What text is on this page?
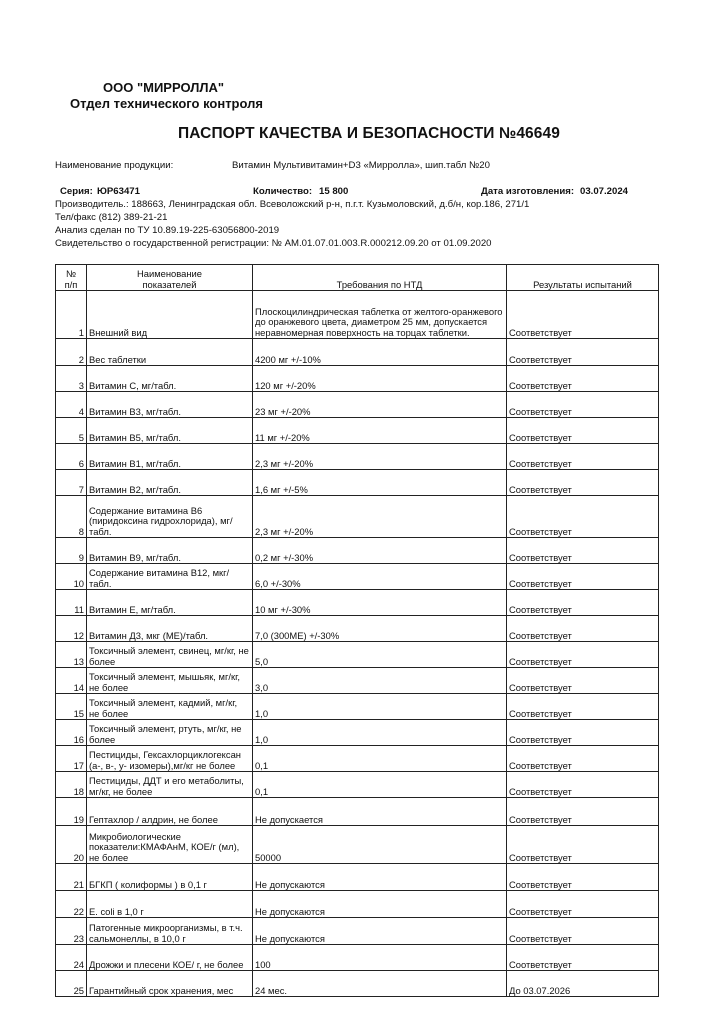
ООО "МИРРОЛЛА"
Отдел технического контроля
ПАСПОРТ КАЧЕСТВА И БЕЗОПАСНОСТИ №46649
Наименование продукции:	Витамин Мультивитамин+D3 «Мирролла», шип.табл №20
Серия: ЮР63471	Количество: 15 800	Дата изготовления: 03.07.2024
Производитель.: 188663, Ленинградская обл. Всеволожский р-н, п.г.т. Кузьмоловский, д.б/н, кор.186, 271/1
Тел/факс (812) 389-21-21
Анализ сделан по ТУ 10.89.19-225-63056800-2019
Свидетельство о государственной регистрации: № AM.01.07.01.003.R.000212.09.20 от 01.09.2020
№ п/п	Наименование показателей	Требования по НТД	Результаты испытаний
1	Внешний вид	Плоскоцилиндрическая таблетка от желтого-оранжевого до оранжевого цвета, диаметром 25 мм, допускается неравномерная поверхность на торцах таблетки.	Соответствует
2	Вес таблетки	4200 мг +/-10%	Соответствует
3	Витамин С, мг/табл.	120 мг +/-20%	Соответствует
4	Витамин В3, мг/табл.	23 мг +/-20%	Соответствует
5	Витамин В5, мг/табл.	11 мг +/-20%	Соответствует
6	Витамин В1, мг/табл.	2,3 мг +/-20%	Соответствует
7	Витамин В2, мг/табл.	1,6 мг +/-5%	Соответствует
8	Содержание витамина В6 (пиридоксина гидрохлорида), мг/табл.	2,3 мг +/-20%	Соответствует
9	Витамин В9, мг/табл.	0,2 мг +/-30%	Соответствует
10	Содержание витамина В12, мкг/табл.	6,0 +/-30%	Соответствует
11	Витамин Е, мг/табл.	10 мг +/-30%	Соответствует
12	Витамин Д3, мкг (МЕ)/табл.	7,0 (300МЕ) +/-30%	Соответствует
13	Токсичный элемент, свинец, мг/кг, не более	5,0	Соответствует
14	Токсичный элемент, мышьяк, мг/кг, не более	3,0	Соответствует
15	Токсичный элемент, кадмий, мг/кг, не более	1,0	Соответствует
16	Токсичный элемент, ртуть, мг/кг, не более	1,0	Соответствует
17	Пестициды, Гексахлорциклогексан (а-, в-, у- изомеры),мг/кг не более	0,1	Соответствует
18	Пестициды, ДДТ и его метаболиты, мг/кг, не более	0,1	Соответствует
19	Гептахлор / алдрин, не более	Не допускается	Соответствует
20	Микробиологические показатели:КМАФАнМ, КОЕ/г (мл), не более	50000	Соответствует
21	БГКП ( колиформы ) в 0,1 г	Не допускаются	Соответствует
22	E. coli в 1,0 г	Не допускаются	Соответствует
23	Патогенные микроорганизмы, в т.ч. сальмонеллы, в 10,0 г	Не допускаются	Соответствует
24	Дрожжи и плесени КОЕ/ г, не более	100	Соответствует
25	Гарантийный срок хранения, мес	24 мес.	До 03.07.2026
